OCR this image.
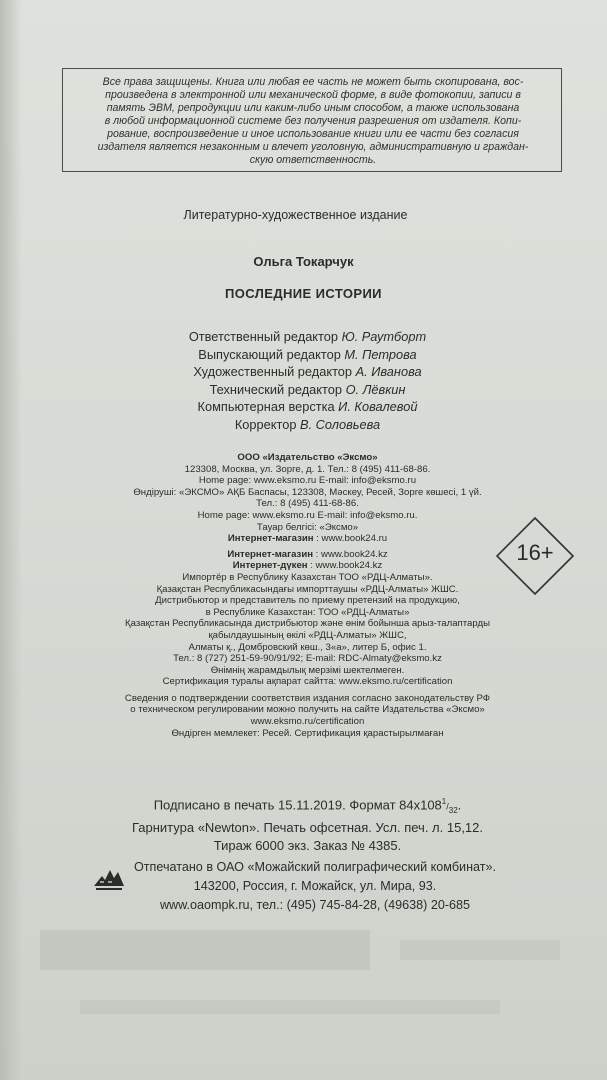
Все права защищены. Книга или любая ее часть не может быть скопирована, вос-
произведена в электронной или механической форме, в виде фотокопии, записи в
память ЭВМ, репродукции или каким-либо иным способом, а также использована
в любой информационной системе без получения разрешения от издателя. Копи-
рование, воспроизведение и иное использование книги или ее части без согласия
издателя является незаконным и влечет уголовную, административную и граждан-
скую ответственность.
Литературно-художественное издание
Ольга Токарчук
ПОСЛЕДНИЕ ИСТОРИИ
Ответственный редактор Ю. Раутборт
Выпускающий редактор М. Петрова
Художественный редактор А. Иванова
Технический редактор О. Лёвкин
Компьютерная верстка И. Ковалевой
Корректор В. Соловьева
ООО «Издательство «Эксмо»
123308, Москва, ул. Зорге, д. 1. Тел.: 8 (495) 411-68-86.
Home page: www.eksmo.ru E-mail: info@eksmo.ru
Өндіруші: «ЭКСМО» АҚБ Баспасы, 123308, Мәскеу, Ресей, Зорге көшесі, 1 үй.
Тел.: 8 (495) 411-68-86.
Home page: www.eksmo.ru E-mail: info@eksmo.ru.
Тауар белгісі: «Эксмо»
Интернет-магазин : www.book24.ru
Интернет-магазин : www.book24.kz
Интернет-дүкен : www.book24.kz
Импортёр в Республику Казахстан ТОО «РДЦ-Алматы».
Қазақстан Республикасындағы импорттаушы «РДЦ-Алматы» ЖШС.
Дистрибьютор и представитель по приему претензий на продукцию,
в Республике Казахстан: ТОО «РДЦ-Алматы»
Қазақстан Республикасында дистрибьютор және өнім бойынша арыз-талаптарды
қабылдаушының өкілі «РДЦ-Алматы» ЖШС,
Алматы қ., Домбровский көш., 3«а», литер Б, офис 1.
Тел.: 8 (727) 251-59-90/91/92; E-mail: RDC-Almaty@eksmo.kz
Өнімнің жарамдылық мерзімі шектелмеген.
Сертификация туралы ақпарат сайтта: www.eksmo.ru/certification
Сведения о подтверждении соответствия издания согласно законодательству РФ
о техническом регулировании можно получить на сайте Издательства «Эксмо»
www.eksmo.ru/certification
Өндірген мемлекет: Ресей. Сертификация қарастырылмаған
16+
Подписано в печать 15.11.2019. Формат $84х108^1/_{32}$.
Гарнитура «Newton». Печать офсетная. Усл. печ. л. 15,12.
Тираж 6000 экз. Заказ № 4385.
Отпечатано в ОАО «Можайский полиграфический комбинат».
143200, Россия, г. Можайск, ул. Мира, 93.
www.oaompk.ru, тел.: (495) 745-84-28, (49638) 20-685
